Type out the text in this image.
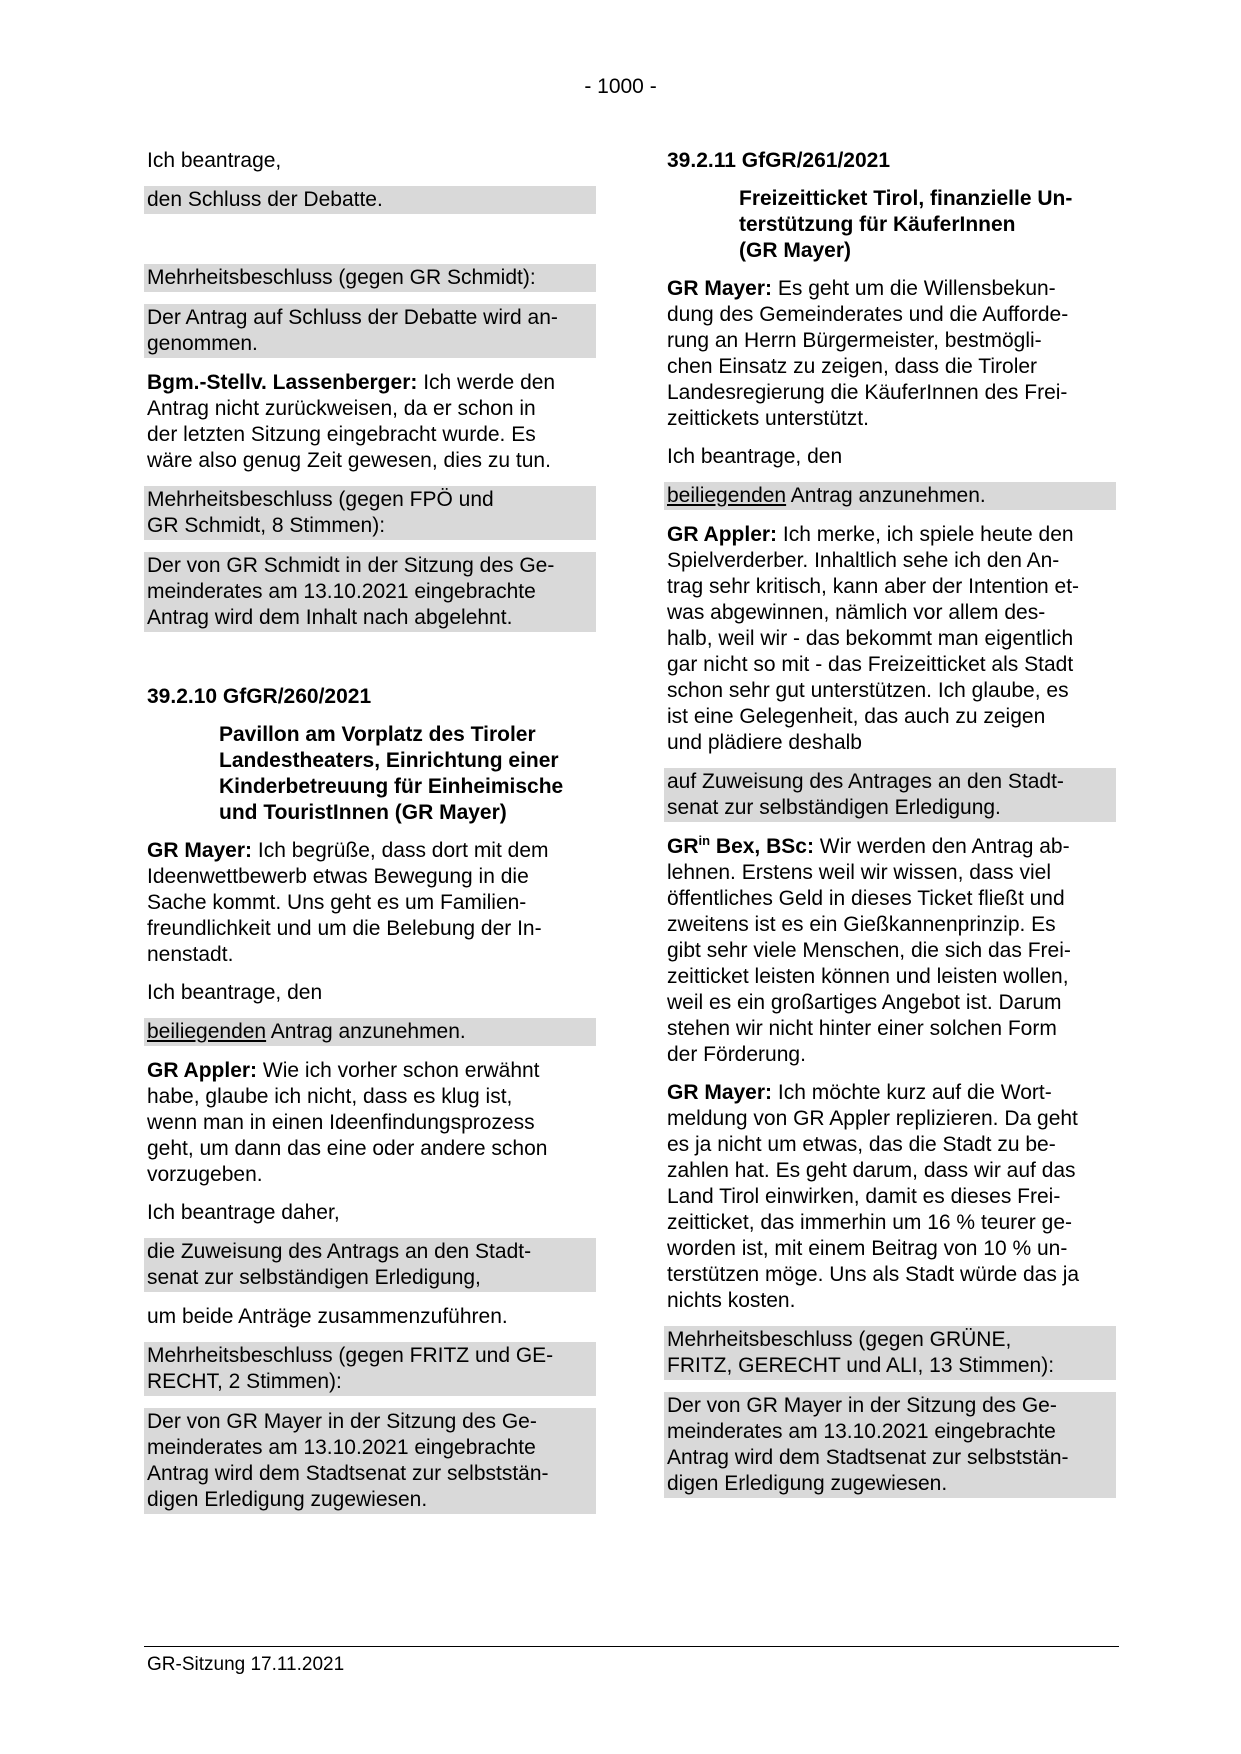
- 1000 -

Ich beantrage,

den Schluss der Debatte.

Mehrheitsbeschluss (gegen GR Schmidt):

Der Antrag auf Schluss der Debatte wird an-
genommen.

Bgm.-Stellv. Lassenberger: Ich werde den
Antrag nicht zurückweisen, da er schon in
der letzten Sitzung eingebracht wurde. Es
wäre also genug Zeit gewesen, dies zu tun.

Mehrheitsbeschluss (gegen FPÖ und
GR Schmidt, 8 Stimmen):

Der von GR Schmidt in der Sitzung des Ge-
meinderates am 13.10.2021 eingebrachte
Antrag wird dem Inhalt nach abgelehnt.

39.2.10 GfGR/260/2021
Pavillon am Vorplatz des Tiroler
Landestheaters, Einrichtung einer
Kinderbetreuung für Einheimische
und TouristInnen (GR Mayer)

GR Mayer: Ich begrüße, dass dort mit dem
Ideenwettbewerb etwas Bewegung in die
Sache kommt. Uns geht es um Familien-
freundlichkeit und um die Belebung der In-
nenstadt.

Ich beantrage, den

beiliegenden Antrag anzunehmen.

GR Appler: Wie ich vorher schon erwähnt
habe, glaube ich nicht, dass es klug ist,
wenn man in einen Ideenfindungsprozess
geht, um dann das eine oder andere schon
vorzugeben.

Ich beantrage daher,

die Zuweisung des Antrags an den Stadt-
senat zur selbständigen Erledigung,

um beide Anträge zusammenzuführen.

Mehrheitsbeschluss (gegen FRITZ und GE-
RECHT, 2 Stimmen):

Der von GR Mayer in der Sitzung des Ge-
meinderates am 13.10.2021 eingebrachte
Antrag wird dem Stadtsenat zur selbststän-
digen Erledigung zugewiesen.

39.2.11 GfGR/261/2021
Freizeitticket Tirol, finanzielle Un-
terstützung für KäuferInnen
(GR Mayer)

GR Mayer: Es geht um die Willensbekun-
dung des Gemeinderates und die Aufforde-
rung an Herrn Bürgermeister, bestmögli-
chen Einsatz zu zeigen, dass die Tiroler
Landesregierung die KäuferInnen des Frei-
zeittickets unterstützt.

Ich beantrage, den

beiliegenden Antrag anzunehmen.

GR Appler: Ich merke, ich spiele heute den
Spielverderber. Inhaltlich sehe ich den An-
trag sehr kritisch, kann aber der Intention et-
was abgewinnen, nämlich vor allem des-
halb, weil wir - das bekommt man eigentlich
gar nicht so mit - das Freizeitticket als Stadt
schon sehr gut unterstützen. Ich glaube, es
ist eine Gelegenheit, das auch zu zeigen
und plädiere deshalb

auf Zuweisung des Antrages an den Stadt-
senat zur selbständigen Erledigung.

$GR^{in}$ Bex, BSc: Wir werden den Antrag ab-
lehnen. Erstens weil wir wissen, dass viel
öffentliches Geld in dieses Ticket fließt und
zweitens ist es ein Gießkannenprinzip. Es
gibt sehr viele Menschen, die sich das Frei-
zeitticket leisten können und leisten wollen,
weil es ein großartiges Angebot ist. Darum
stehen wir nicht hinter einer solchen Form
der Förderung.

GR Mayer: Ich möchte kurz auf die Wort-
meldung von GR Appler replizieren. Da geht
es ja nicht um etwas, das die Stadt zu be-
zahlen hat. Es geht darum, dass wir auf das
Land Tirol einwirken, damit es dieses Frei-
zeitticket, das immerhin um 16 % teurer ge-
worden ist, mit einem Beitrag von 10 % un-
terstützen möge. Uns als Stadt würde das ja
nichts kosten.

Mehrheitsbeschluss (gegen GRÜNE,
FRITZ, GERECHT und ALI, 13 Stimmen):

Der von GR Mayer in der Sitzung des Ge-
meinderates am 13.10.2021 eingebrachte
Antrag wird dem Stadtsenat zur selbststän-
digen Erledigung zugewiesen.

GR-Sitzung 17.11.2021
